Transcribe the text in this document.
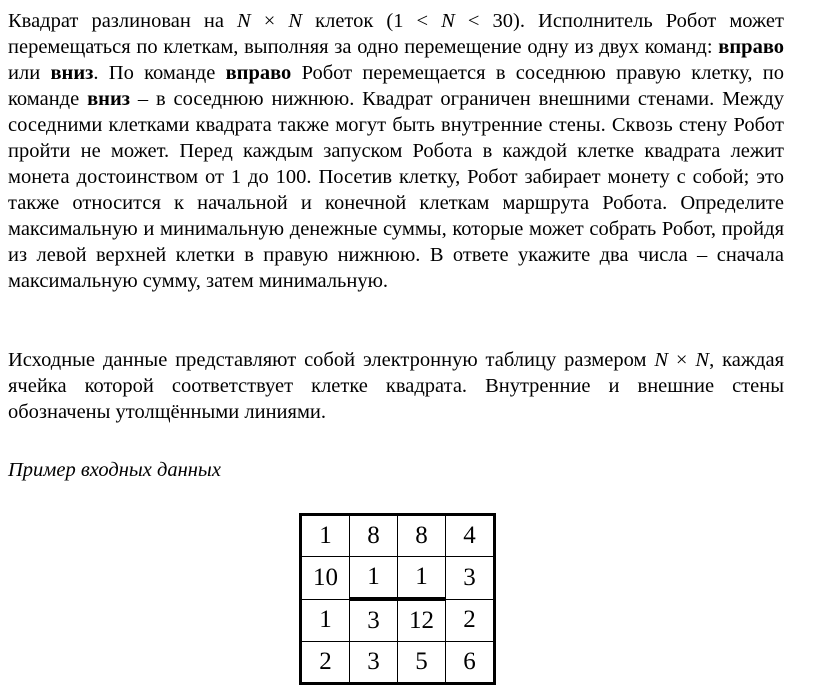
Квадрат разлинован на N × N клеток (1 < N < 30). Исполнитель Робот может перемещаться по клеткам, выполняя за одно перемещение одну из двух команд: вправо или вниз. По команде вправо Робот перемещается в соседнюю правую клетку, по команде вниз – в соседнюю нижнюю. Квадрат ограничен внешними стенами. Между соседними клетками квадрата также могут быть внутренние стены. Сквозь стену Робот пройти не может. Перед каждым запуском Робота в каждой клетке квадрата лежит монета достоинством от 1 до 100. Посетив клетку, Робот забирает монету с собой; это также относится к начальной и конечной клеткам маршрута Робота. Определите максимальную и минимальную денежные суммы, которые может собрать Робот, пройдя из левой верхней клетки в правую нижнюю. В ответе укажите два числа – сначала максимальную сумму, затем минимальную.

Исходные данные представляют собой электронную таблицу размером N × N, каждая ячейка которой соответствует клетке квадрата. Внутренние и внешние стены обозначены утолщёнными линиями.

Пример входных данных

1	8	8	4
10	1	1	3
1	3	12	2
2	3	5	6
